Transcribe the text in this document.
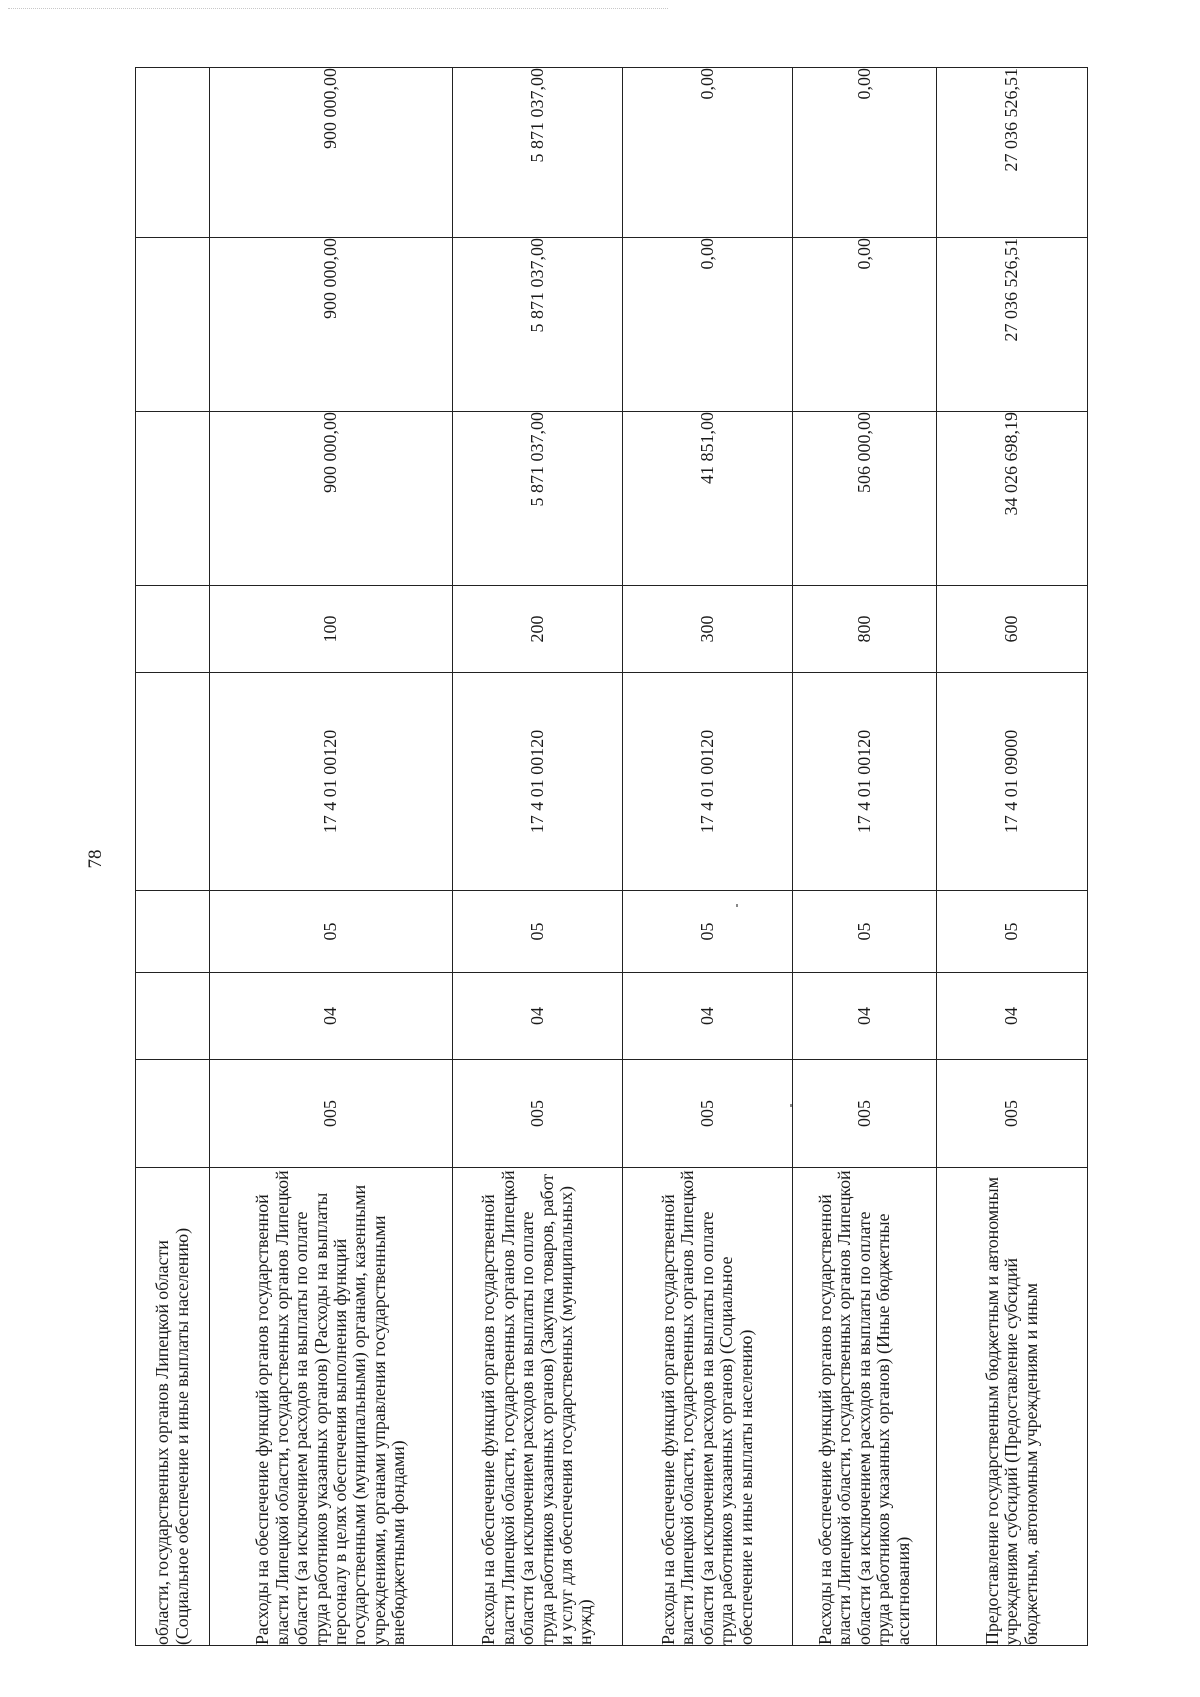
78
области, государственных органов Липецкой области (Социальное обеспечение и иные выплаты населению)								
Расходы на обеспечение функций органов государственной власти Липецкой области, государственных органов Липецкой области (за исключением расходов на выплаты по оплате труда работников указанных органов) (Расходы на выплаты персоналу в целях обеспечения выполнения функций государственными (муниципальными) органами, казенными учреждениями, органами управления государственными внебюджетными фондами)	005	04	05	17 4 01 00120	100	900 000,00	900 000,00	900 000,00
Расходы на обеспечение функций органов государственной власти Липецкой области, государственных органов Липецкой области (за исключением расходов на выплаты по оплате труда работников указанных органов) (Закупка товаров, работ и услуг для обеспечения государственных (муниципальных) нужд)	005	04	05	17 4 01 00120	200	5 871 037,00	5 871 037,00	5 871 037,00
Расходы на обеспечение функций органов государственной власти Липецкой области, государственных органов Липецкой области (за исключением расходов на выплаты по оплате труда работников указанных органов) (Социальное обеспечение и иные выплаты населению)	005	04	05	17 4 01 00120	300	41 851,00	0,00	0,00
Расходы на обеспечение функций органов государственной власти Липецкой области, государственных органов Липецкой области (за исключением расходов на выплаты по оплате труда работников указанных органов) (Иные бюджетные ассигнования)	005	04	05	17 4 01 00120	800	506 000,00	0,00	0,00
Предоставление государственным бюджетным и автономным учреждениям субсидий (Предоставление субсидий бюджетным, автономным учреждениям и иным	005	04	05	17 4 01 09000	600	34 026 698,19	27 036 526,51	27 036 526,51
